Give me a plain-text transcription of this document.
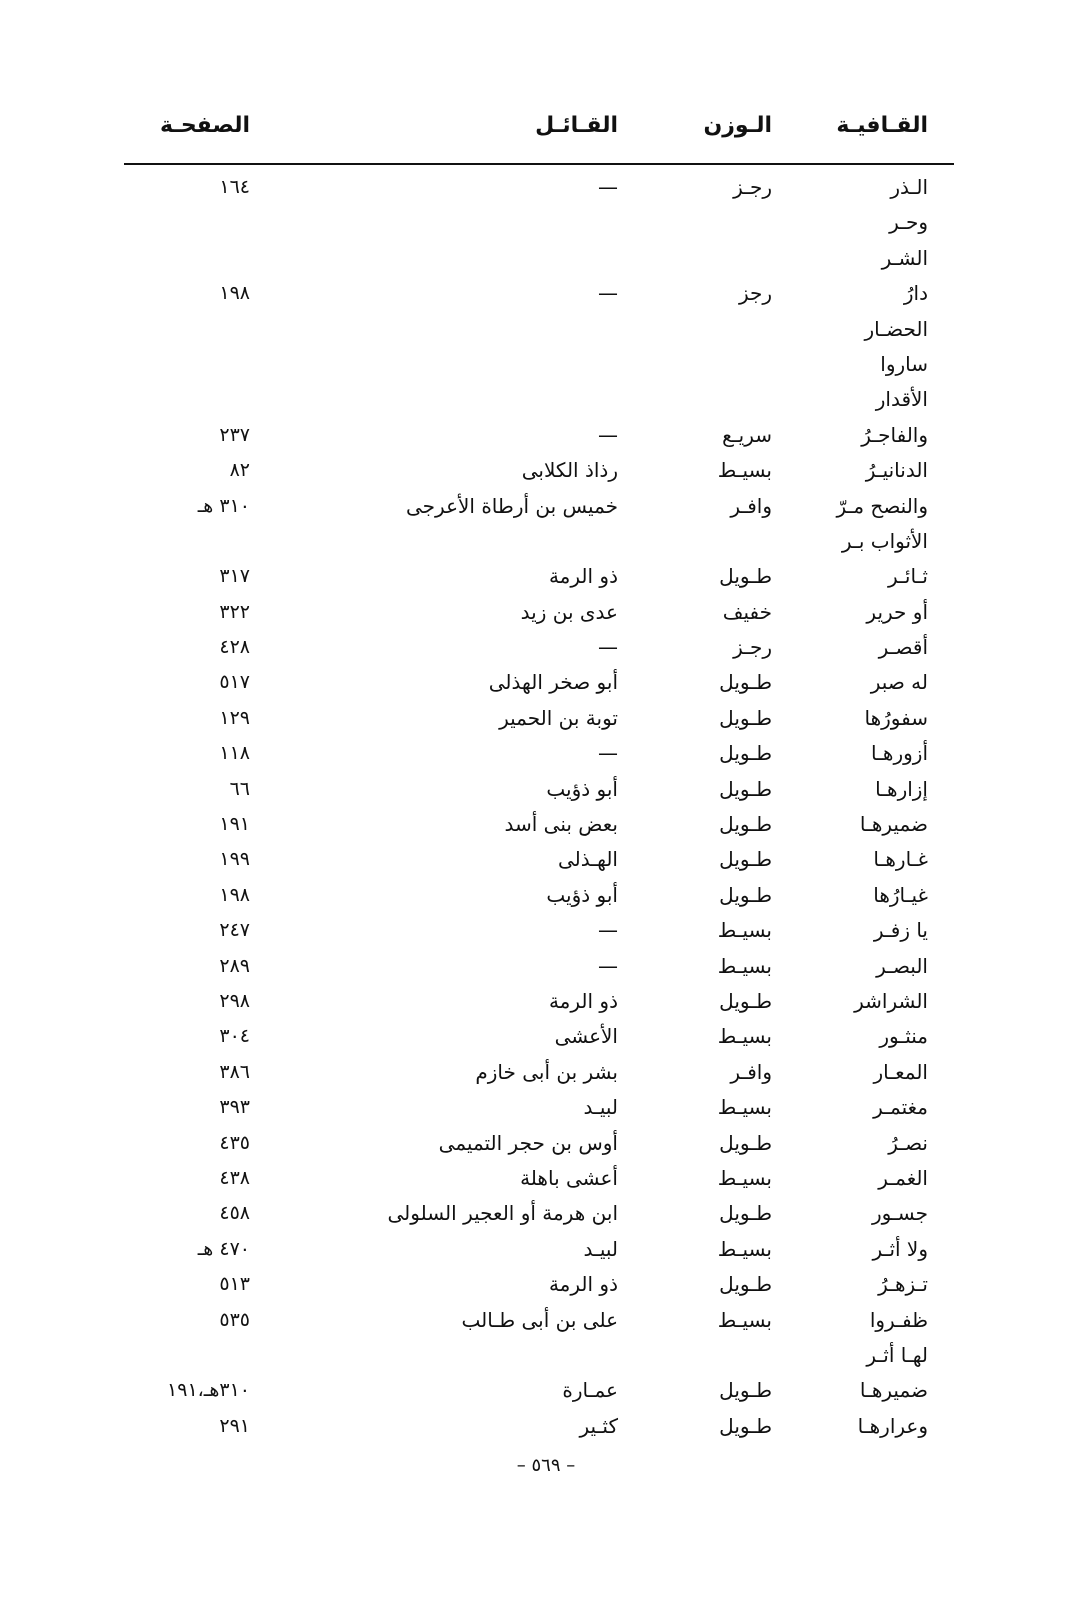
القـافيـة
الـوزن
القـائـل
الصفحـة
الـذر
رجـز
—
١٦٤
وحـر
الشـر
دارُ
رجز
—
١٩٨
الحضـار
ساروا
الأقدار
والفاجـرُ
سريـع
—
٢٣٧
الدنانيـرُ
بسيـط
رذاذ الكلابى
٨٢
والنصح مـرّ
وافـر
خميس بن أرطاة الأعرجى
٣١٠ هـ
الأثواب بـر
ثـائـر
طـويل
ذو الرمة
٣١٧
أو حرير
خفيف
عدى بن زيد
٣٢٢
أقصـر
رجـز
—
٤٢٨
له صبر
طـويل
أبو صخر الهذلى
٥١٧
سفورُها
طـويل
توبة بن الحمير
١٢٩
أزورهـا
طـويل
—
١١٨
إزارهـا
طـويل
أبو ذؤيب
٦٦
ضميرهـا
طـويل
بعض بنى أسد
١٩١
غـارهـا
طـويل
الهـذلى
١٩٩
غيـارُها
طـويل
أبو ذؤيب
١٩٨
يا زفـر
بسيـط
—
٢٤٧
البصـر
بسيـط
—
٢٨٩
الشراشر
طـويل
ذو الرمة
٢٩٨
منثـور
بسيـط
الأعشى
٣٠٤
المعـار
وافـر
بشر بن أبى خازم
٣٨٦
مغتمـر
بسيـط
لبيـد
٣٩٣
نصـرُ
طـويل
أوس بن حجر التميمى
٤٣٥
الغمـر
بسيـط
أعشى باهلة
٤٣٨
جسـور
طـويل
ابن هرمة أو العجير السلولى
٤٥٨
ولا أثـر
بسيـط
لبيـد
٤٧٠ هـ
تـزهـرُ
طـويل
ذو الرمة
٥١٣
ظفـروا
بسيـط
على بن أبى طـالب
٥٣٥
لهـا أثـر
ضميرهـا
طـويل
عمـارة
٣١٠هـ،١٩١
وعرارهـا
طـويل
كثـير
٢٩١
– ٥٦٩ –
